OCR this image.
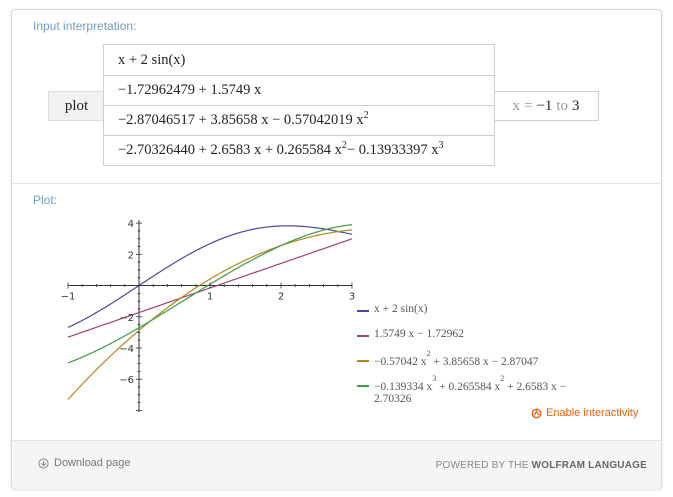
Input interpretation:
plot
x + 2 sin(x)
−1.72962479 + 1.5749 x
−2.87046517 + 3.85658 x − 0.57042019 $x^2$
−2.70326440 + 2.6583 x + 0.265584 $x^2 - 0.13933397$ $x^3$
x = −1 to 3
Plot:
−1	1	2	3
4
2
−2
−4
−6
x + 2 sin(x)
1.5749 x − 1.72962
−0.57042 $x^2 + 3.85658$ x − 2.87047
−0.139334 $x^3 + 0.265584$ $x^2 + 2.6583$ x −
2.70326
Enable interactivity
Download page	POWERED BY THE WOLFRAM LANGUAGE
